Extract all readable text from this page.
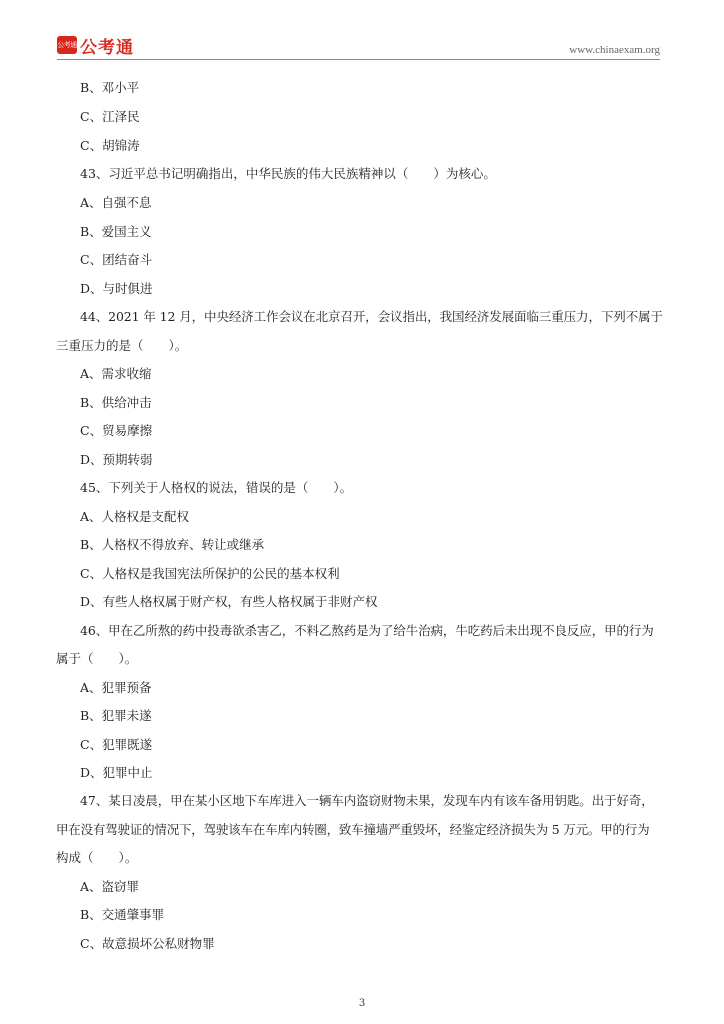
公考通 公考通	www.chinaexam.org
B、邓小平
C、江泽民
C、胡锦涛
43、习近平总书记明确指出，中华民族的伟大民族精神以（　　）为核心。
A、自强不息
B、爱国主义
C、团结奋斗
D、与时俱进
44、2021 年 12 月，中央经济工作会议在北京召开，会议指出，我国经济发展面临三重压力，下列不属于
三重压力的是（　　）。
A、需求收缩
B、供给冲击
C、贸易摩擦
D、预期转弱
45、下列关于人格权的说法，错误的是（　　）。
A、人格权是支配权
B、人格权不得放弃、转让或继承
C、人格权是我国宪法所保护的公民的基本权利
D、有些人格权属于财产权，有些人格权属于非财产权
46、甲在乙所熬的药中投毒欲杀害乙，不料乙熬药是为了给牛治病，牛吃药后未出现不良反应，甲的行为
属于（　　）。
A、犯罪预备
B、犯罪未遂
C、犯罪既遂
D、犯罪中止
47、某日凌晨，甲在某小区地下车库进入一辆车内盗窃财物未果，发现车内有该车备用钥匙。出于好奇，
甲在没有驾驶证的情况下，驾驶该车在车库内转圈，致车撞墙严重毁坏，经鉴定经济损失为 5 万元。甲的行为
构成（　　）。
A、盗窃罪
B、交通肇事罪
C、故意损坏公私财物罪
3
